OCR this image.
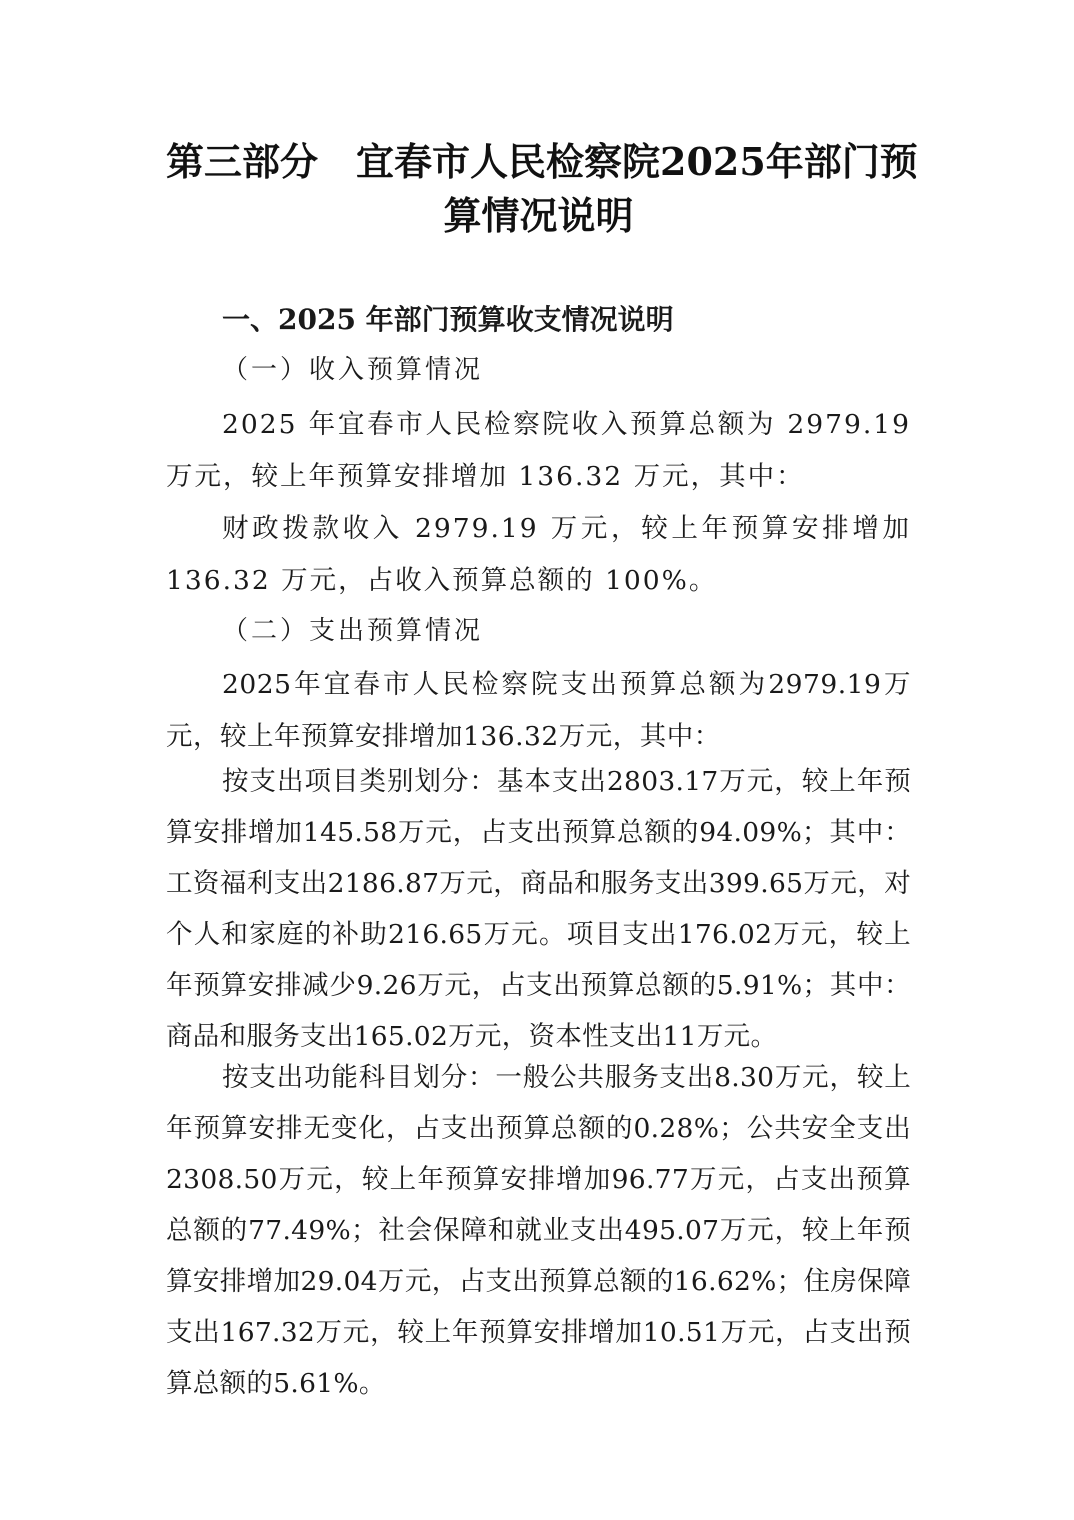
第三部分　宜春市人民检察院2025年部门预
算情况说明
一、2025 年部门预算收支情况说明
（一）收入预算情况

2025 年宜春市人民检察院收入预算总额为 2979.19 万元，较上年预算安排增加 136.32 万元，其中：

财政拨款收入 2979.19 万元，较上年预算安排增加 136.32 万元，占收入预算总额的 100%。

（二）支出预算情况

2025年宜春市人民检察院支出预算总额为2979.19万元，较上年预算安排增加136.32万元，其中：

按支出项目类别划分：基本支出2803.17万元，较上年预算安排增加145.58万元，占支出预算总额的94.09%；其中：工资福利支出2186.87万元，商品和服务支出399.65万元，对个人和家庭的补助216.65万元。项目支出176.02万元，较上年预算安排减少9.26万元，占支出预算总额的5.91%；其中：商品和服务支出165.02万元，资本性支出11万元。

按支出功能科目划分：一般公共服务支出8.30万元，较上年预算安排无变化，占支出预算总额的0.28%；公共安全支出2308.50万元，较上年预算安排增加96.77万元，占支出预算总额的77.49%；社会保障和就业支出495.07万元，较上年预算安排增加29.04万元，占支出预算总额的16.62%；住房保障支出167.32万元，较上年预算安排增加10.51万元，占支出预算总额的5.61%。
